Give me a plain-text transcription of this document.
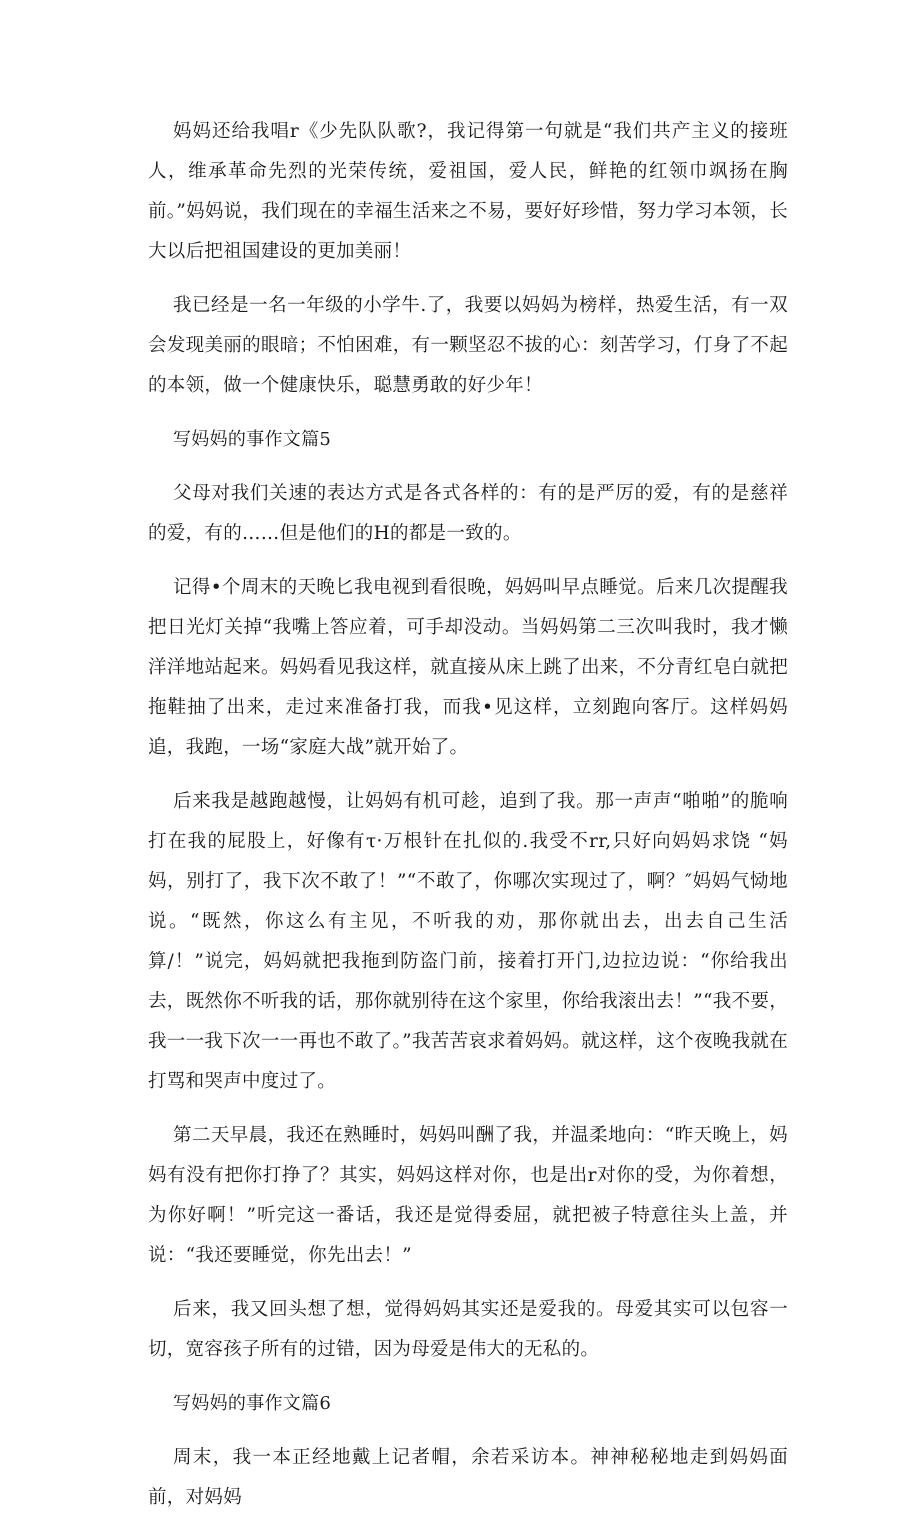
妈妈还给我唱r《少先队队歌?，我记得第一句就是“我们共产主义的接班人，维承革命先烈的光荣传统，爱祖国，爱人民，鲜艳的红领巾飒扬在胸前。”妈妈说，我们现在的幸福生活来之不易，要好好珍惜，努力学习本领，长大以后把祖国建设的更加美丽！

我已经是一名一年级的小学牛.了，我要以妈妈为榜样，热爱生活，有一双会发现美丽的眼暗；不怕困难，有一颗坚忍不拔的心：刻苦学习，仃身了不起的本领，做一个健康快乐，聪慧勇敢的好少年！

写妈妈的事作文篇5

父母对我们关速的表达方式是各式各样的：有的是严厉的爱，有的是慈祥的爱，有的……但是他们的H的都是一致的。

记得•个周末的天晚匕我电视到看很晚，妈妈叫早点睡觉。后来几次提醒我把日光灯关掉“我嘴上答应着，可手却没动。当妈妈第二三次叫我时，我才懒洋洋地站起来。妈妈看见我这样，就直接从床上跳了出来，不分青红皂白就把拖鞋抽了出来，走过来准备打我，而我•见这样，立刻跑向客厅。这样妈妈追，我跑，一场“家庭大战”就开始了。

后来我是越跑越慢，让妈妈有机可趁，追到了我。那一声声“啪啪”的脆响打在我的屁股上，好像有τ·万根针在扎似的.我受不rr,只好向妈妈求饶 “妈妈，别打了，我下次不敢了！”“不敢了，你哪次实现过了，啊？″妈妈气恸地说。“既然，你这么有主见，不听我的劝，那你就出去，出去自己生活算/！”说完，妈妈就把我拖到防盗门前，接着打开门,边拉边说：“你给我出去，既然你不听我的话，那你就别待在这个家里，你给我滚出去！”“我不要，我一一我下次一一再也不敢了。”我苦苦哀求着妈妈。就这样，这个夜晚我就在打骂和哭声中度过了。

第二天早晨，我还在熟睡时，妈妈叫酬了我，并温柔地向：“昨天晚上，妈妈有没有把你打挣了？其实，妈妈这样对你，也是出r对你的受，为你着想，为你好啊！”听完这一番话，我还是觉得委屈，就把被子特意往头上盖，并说：“我还要睡觉，你先出去！”

后来，我又回头想了想，觉得妈妈其实还是爱我的。母爱其实可以包容一切，宽容孩子所有的过错，因为母爱是伟大的无私的。

写妈妈的事作文篇6

周末，我一本正经地戴上记者帽，余若采访本。神神秘秘地走到妈妈面前，对妈妈
